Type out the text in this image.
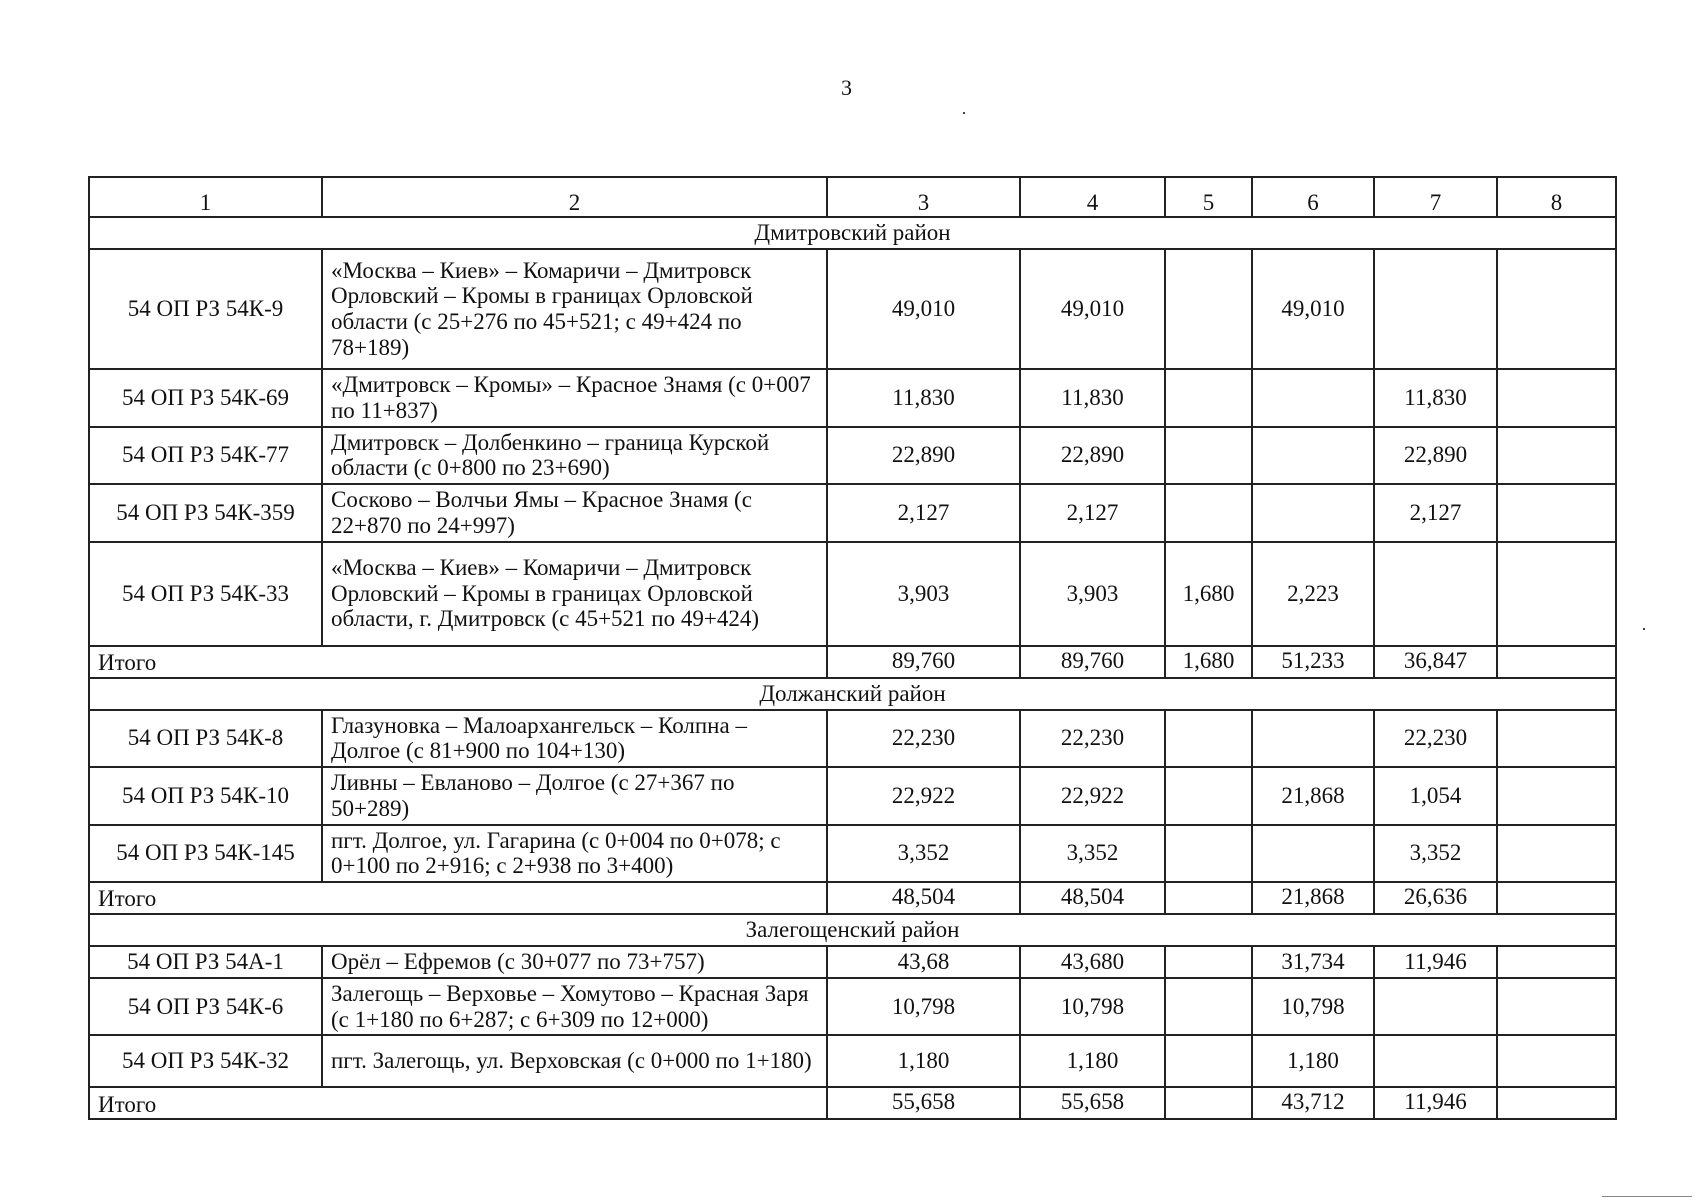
3
1	2	3	4	5	6	7	8
Дмитровский район							
54 ОП РЗ 54К-9	«Москва – Киев» – Комаричи – Дмитровск Орловский – Кромы в границах Орловской области (с 25+276 по 45+521; с 49+424 по 78+189)	49,010	49,010		49,010		
54 ОП РЗ 54К-69	«Дмитровск – Кромы» – Красное Знамя (с 0+007 по 11+837)	11,830	11,830			11,830	
54 ОП РЗ 54К-77	Дмитровск – Долбенкино – граница Курской области (с 0+800 по 23+690)	22,890	22,890			22,890	
54 ОП РЗ 54К-359	Сосково – Волчьи Ямы – Красное Знамя (с 22+870 по 24+997)	2,127	2,127			2,127	
54 ОП РЗ 54К-33	«Москва – Киев» – Комаричи – Дмитровск Орловский – Кромы в границах Орловской области, г. Дмитровск (с 45+521 по 49+424)	3,903	3,903	1,680	2,223		
Итого		89,760	89,760	1,680	51,233	36,847	
Должанский район							
54 ОП РЗ 54К-8	Глазуновка – Малоархангельск – Колпна – Долгое (с 81+900 по 104+130)	22,230	22,230			22,230	
54 ОП РЗ 54К-10	Ливны – Евланово – Долгое (с 27+367 по 50+289)	22,922	22,922		21,868	1,054	
54 ОП РЗ 54К-145	пгт. Долгое, ул. Гагарина (с 0+004 по 0+078; с 0+100 по 2+916; с 2+938 по 3+400)	3,352	3,352			3,352	
Итого		48,504	48,504		21,868	26,636	
Залегощенский район							
54 ОП РЗ 54А-1	Орёл – Ефремов (с 30+077 по 73+757)	43,68	43,680		31,734	11,946	
54 ОП РЗ 54К-6	Залегощь – Верховье – Хомутово – Красная Заря (с 1+180 по 6+287; с 6+309 по 12+000)	10,798	10,798		10,798		
54 ОП РЗ 54К-32	пгт. Залегощь, ул. Верховская (с 0+000 по 1+180)	1,180	1,180		1,180		
Итого		55,658	55,658		43,712	11,946	
